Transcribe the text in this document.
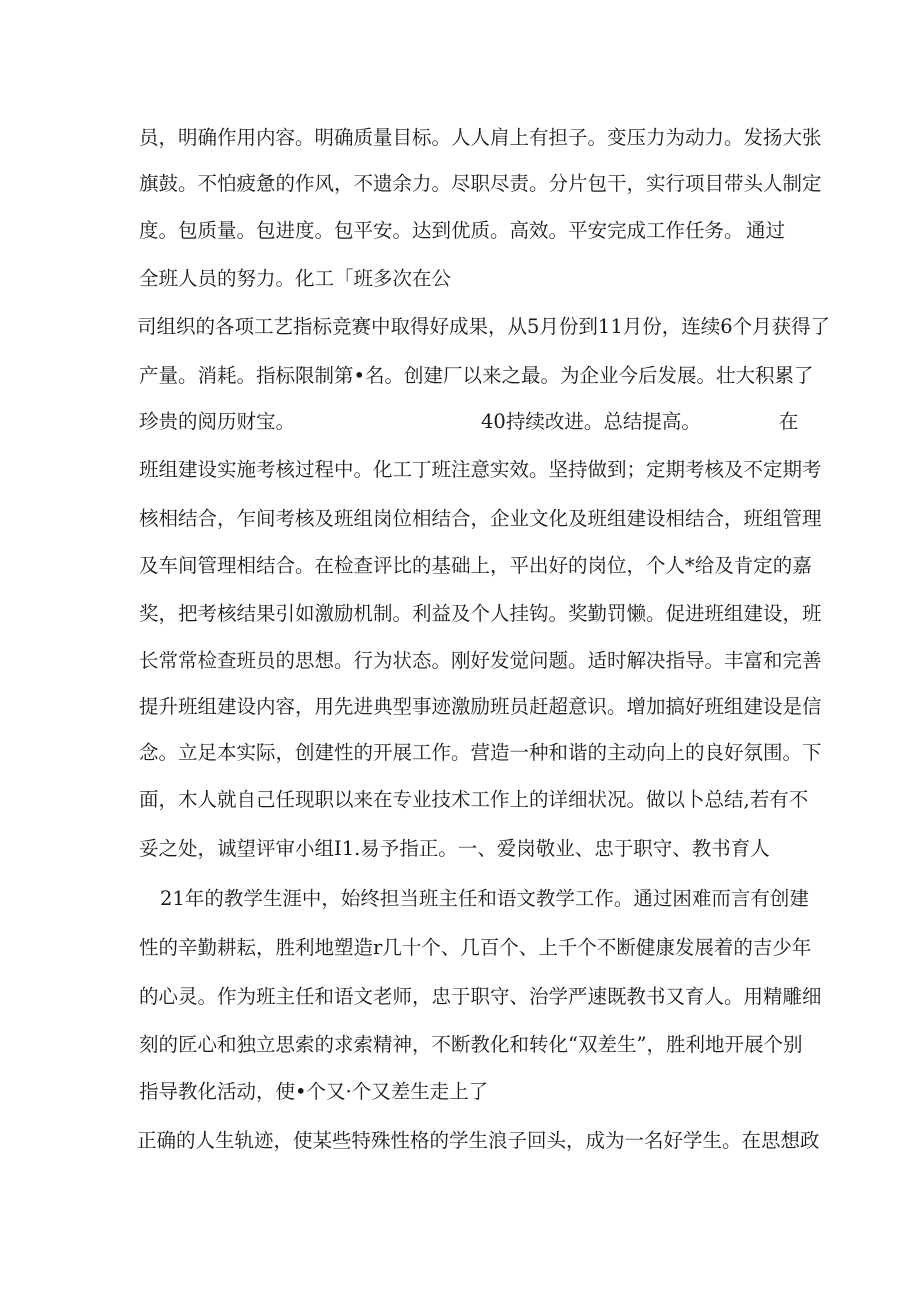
员，明确作用内容。明确质量目标。人人肩上有担子。变压力为动力。发扬大张

旗鼓。不怕疲惫的作风，不遗余力。尽职尽责。分片包干，实行项目带头人制定

度。包质量。包进度。包平安。达到优质。高效。平安完成工作任务。 通过

全班人员的努力。化工「班多次在公

司组织的各项工艺指标竞赛中取得好成果，从5月份到11月份，连续6个月获得了

产量。消耗。指标限制第•名。创建厂以来之最。为企业今后发展。壮大积累了

珍贵的阅历财宝。	40持续改进。总结提高。	在

班组建设实施考核过程中。化工丁班注意实效。坚持做到；定期考核及不定期考

核相结合，乍间考核及班组岗位相结合，企业文化及班组建设相结合，班组管理

及车间管理相结合。在检查评比的基础上，平出好的岗位，个人*给及肯定的嘉

奖，把考核结果引如激励机制。利益及个人挂钩。奖勤罚懒。促进班组建设，班

长常常检查班员的思想。行为状态。刚好发觉问题。适时解决指导。丰富和完善

提升班组建设内容，用先进典型事迹激励班员赶超意识。增加搞好班组建设是信

念。立足本实际，创建性的开展工作。营造一种和谐的主动向上的良好氛围。下

面，木人就自己任现职以来在专业技术工作上的详细状况。做以卜总结,若有不

妥之处，诚望评审小组I1.易予指正。一、爱岗敬业、忠于职守、教书育人

21年的教学生涯中，始终担当班主任和语文教学工作。通过困难而言有创建

性的辛勤耕耘，胜利地塑造r几十个、几百个、上千个不断健康发展着的吉少年

的心灵。作为班主任和语文老师，忠于职守、治学严速既教书又育人。用精雕细

刻的匠心和独立思索的求索精神，不断教化和转化“双差生”，胜利地开展个别

指导教化活动，使•个又·个又差生走上了

正确的人生轨迹，使某些特殊性格的学生浪子回头，成为一名好学生。在思想政
